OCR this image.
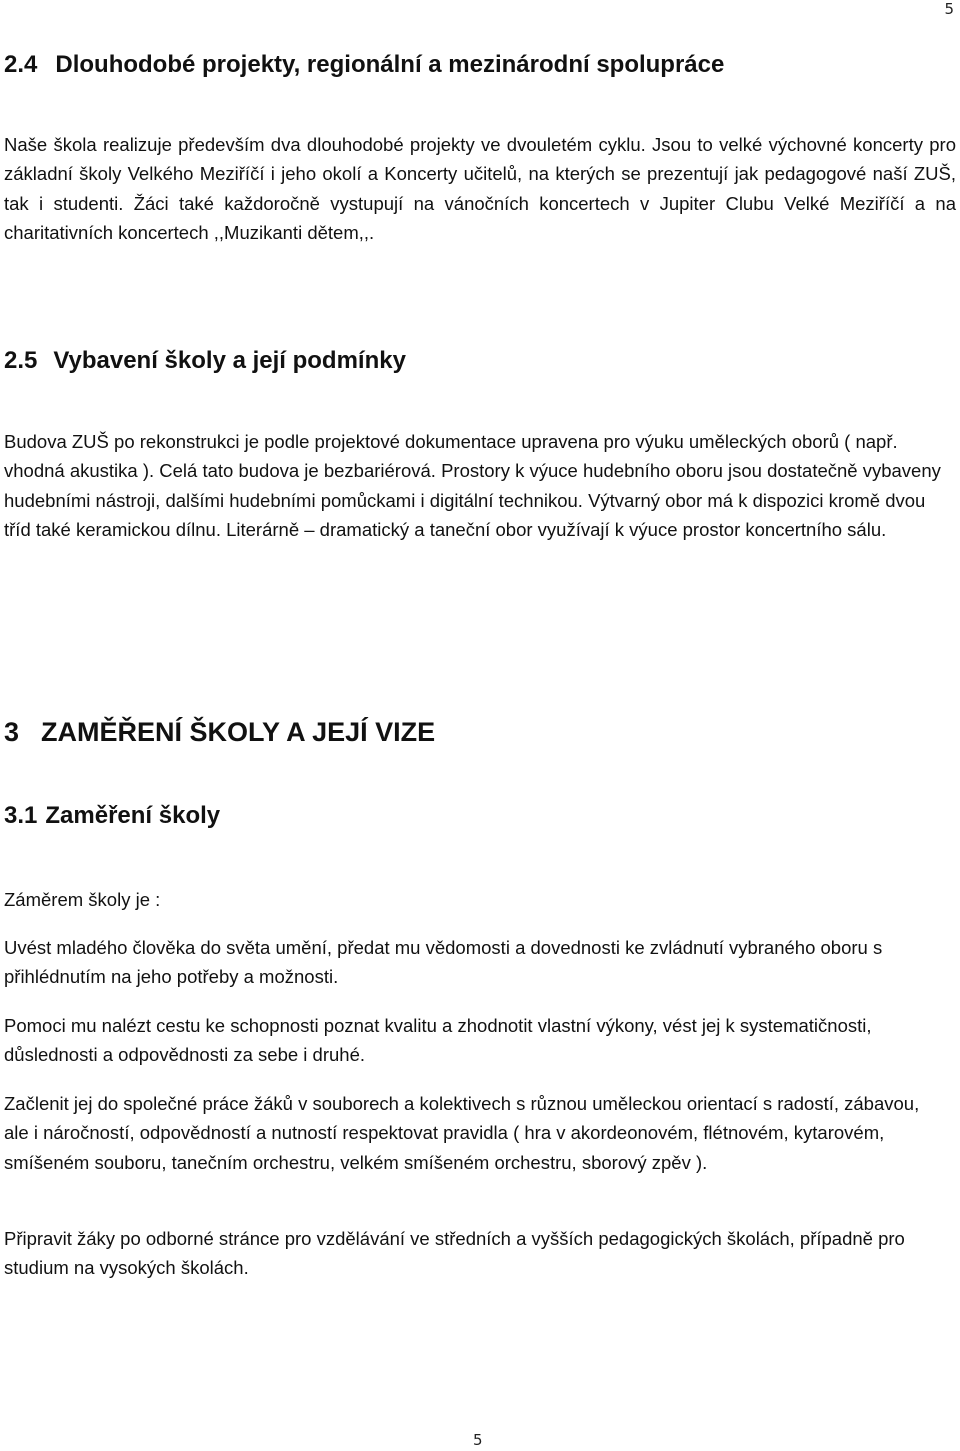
5
2.4 Dlouhodobé projekty, regionální a mezinárodní spolupráce

Naše škola realizuje především dva dlouhodobé projekty ve dvouletém cyklu. Jsou to velké výchovné koncerty pro základní školy Velkého Meziříčí i jeho okolí a Koncerty učitelů, na kterých se prezentují jak pedagogové naší ZUŠ, tak i studenti. Žáci také každoročně vystupují na vánočních koncertech v Jupiter Clubu Velké Meziříčí a na charitativních koncertech ,,Muzikanti dětem,,.

2.5 Vybavení školy a její podmínky

Budova ZUŠ po rekonstrukci je podle projektové dokumentace upravena pro výuku uměleckých oborů ( např. vhodná akustika ). Celá tato budova je bezbariérová. Prostory k výuce hudebního oboru jsou dostatečně vybaveny hudebními nástroji, dalšími hudebními pomůckami i digitální technikou. Výtvarný obor má k dispozici kromě dvou tříd také keramickou dílnu. Literárně – dramatický a taneční obor využívají k výuce prostor koncertního sálu.

3 ZAMĚŘENÍ ŠKOLY A JEJÍ VIZE
3.1 Zaměření školy

Záměrem školy je :

Uvést mladého člověka do světa umění, předat mu vědomosti a dovednosti ke zvládnutí vybraného oboru s přihlédnutím na jeho potřeby a možnosti.

Pomoci mu nalézt cestu ke schopnosti poznat kvalitu a zhodnotit vlastní výkony, vést jej k systematičnosti, důslednosti a odpovědnosti za sebe i druhé.

Začlenit jej do společné práce žáků v souborech a kolektivech s různou uměleckou orientací s radostí, zábavou, ale i náročností, odpovědností a nutností respektovat pravidla ( hra v akordeonovém, flétnovém, kytarovém, smíšeném souboru, tanečním orchestru, velkém smíšeném orchestru, sborový zpěv ).

Připravit žáky po odborné stránce pro vzdělávání ve středních a vyšších pedagogických školách, případně pro studium na vysokých školách.

5
